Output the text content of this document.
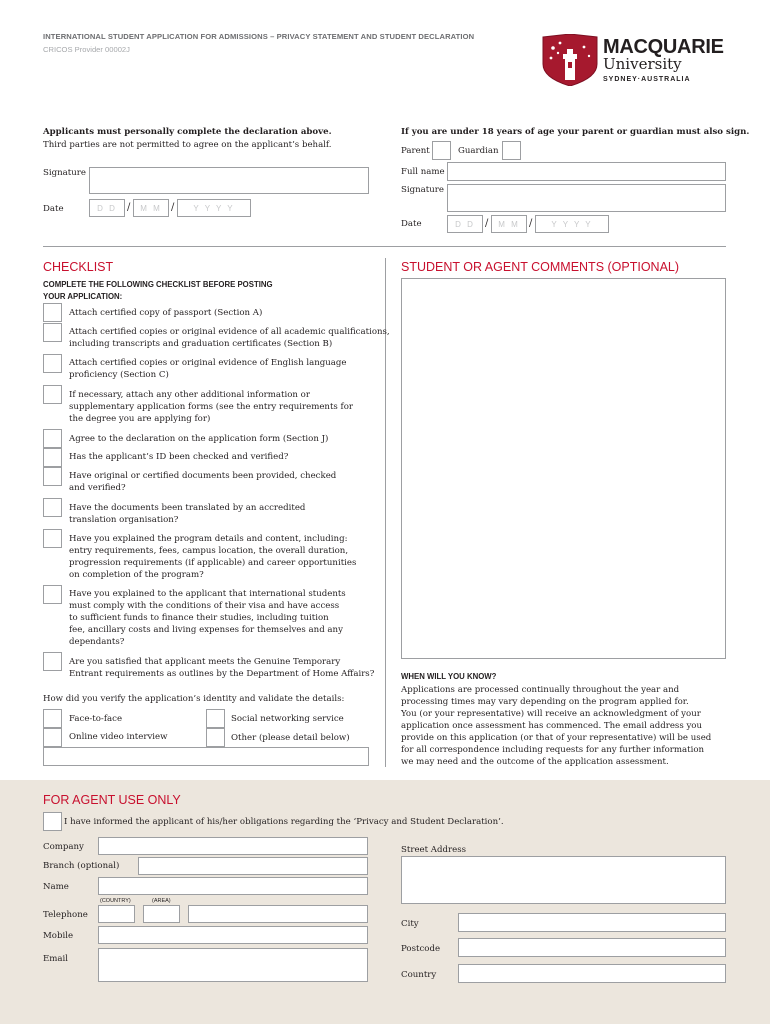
INTERNATIONAL STUDENT APPLICATION FOR ADMISSIONS – PRIVACY STATEMENT AND STUDENT DECLARATION
CRICOS Provider 00002J	MACQUARIE
University
SYDNEY·AUSTRALIA
Applicants must personally complete the declaration above.
Third parties are not permitted to agree on the applicant’s behalf.
Signature
Date	D D	/	M M /	Y Y Y Y
If you are under 18 years of age your parent or guardian must also sign.
Parent	Guardian
Full name
Signature
Date	D D	/	M M /	Y Y Y Y
CHECKLIST
COMPLETE THE FOLLOWING CHECKLIST BEFORE POSTING
YOUR APPLICATION:
Attach certified copy of passport (Section A)
Attach certified copies or original evidence of all academic qualifications,
including transcripts and graduation certificates (Section B)
Attach certified copies or original evidence of English language
proficiency (Section C)
If necessary, attach any other additional information or
supplementary application forms (see the entry requirements for
the degree you are applying for)
Agree to the declaration on the application form (Section J)
Has the applicant’s ID been checked and verified?
Have original or certified documents been provided, checked
and verified?
Have the documents been translated by an accredited
translation organisation?
Have you explained the program details and content, including:
entry requirements, fees, campus location, the overall duration,
progression requirements (if applicable) and career opportunities
on completion of the program?
Have you explained to the applicant that international students
must comply with the conditions of their visa and have access
to sufficient funds to finance their studies, including tuition
fee, ancillary costs and living expenses for themselves and any
dependants?
Are you satisfied that applicant meets the Genuine Temporary
Entrant requirements as outlines by the Department of Home Affairs?
How did you verify the application’s identity and validate the details:
Face-to-face	Social networking service
Online video interview	Other (please detail below)
STUDENT OR AGENT COMMENTS (OPTIONAL)
WHEN WILL YOU KNOW?
Applications are processed continually throughout the year and
processing times may vary depending on the program applied for.
You (or your representative) will receive an acknowledgment of your
application once assessment has commenced. The email address you
provide on this application (or that of your representative) will be used
for all correspondence including requests for any further information
we may need and the outcome of the application assessment.
FOR AGENT USE ONLY
I have informed the applicant of his/her obligations regarding the ‘Privacy and Student Declaration’.
Company
Branch (optional)
Name
(COUNTRY)	(AREA)
Telephone
Mobile
Email
Street Address
City
Postcode
Country
